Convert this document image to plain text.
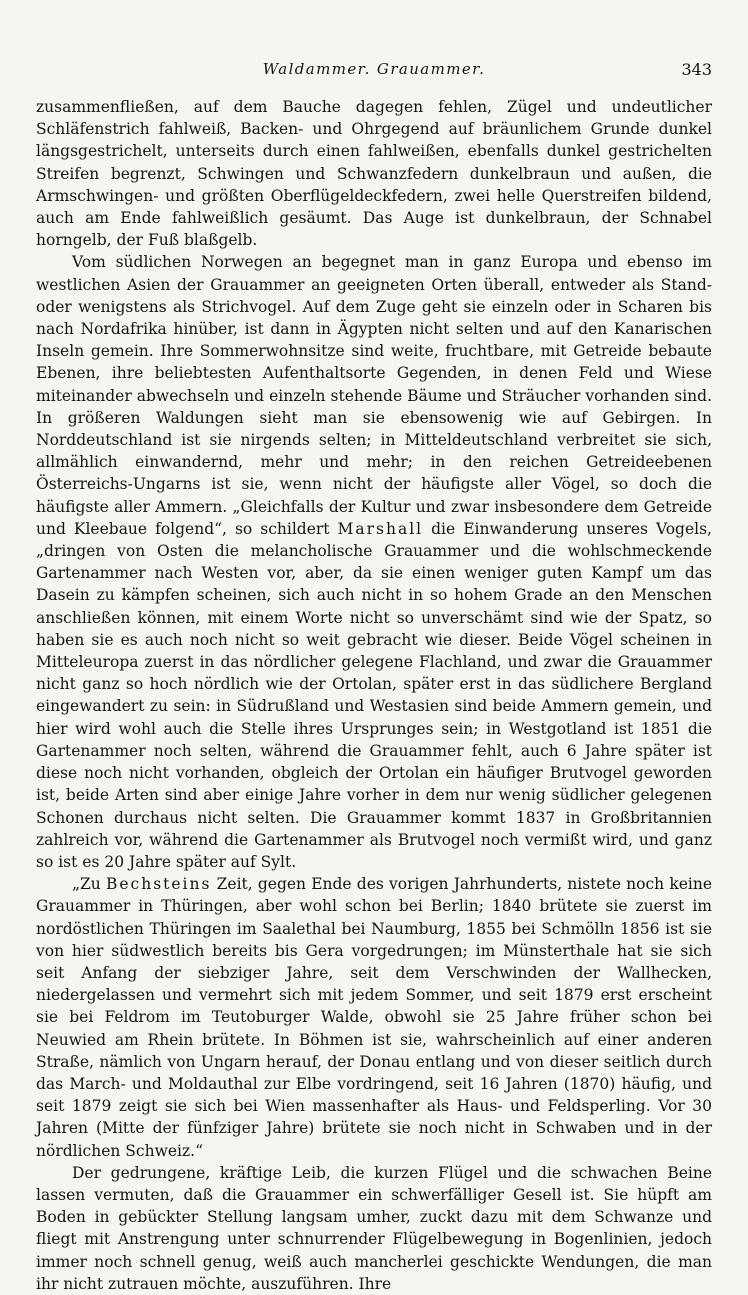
Waldammer. Grauammer.	343

zusammenfließen, auf dem Bauche dagegen fehlen, Zügel und undeutlicher Schläfenstrich fahlweiß, Backen- und Ohrgegend auf bräunlichem Grunde dunkel längsgestrichelt, unterseits durch einen fahlweißen, ebenfalls dunkel gestrichelten Streifen begrenzt, Schwingen und Schwanzfedern dunkelbraun und außen, die Armschwingen- und größten Oberflügeldeckfedern, zwei helle Querstreifen bildend, auch am Ende fahlweißlich gesäumt. Das Auge ist dunkelbraun, der Schnabel horngelb, der Fuß blaßgelb.

Vom südlichen Norwegen an begegnet man in ganz Europa und ebenso im westlichen Asien der Grauammer an geeigneten Orten überall, entweder als Stand- oder wenigstens als Strichvogel. Auf dem Zuge geht sie einzeln oder in Scharen bis nach Nordafrika hinüber, ist dann in Ägypten nicht selten und auf den Kanarischen Inseln gemein. Ihre Sommerwohnsitze sind weite, fruchtbare, mit Getreide bebaute Ebenen, ihre beliebtesten Aufenthaltsorte Gegenden, in denen Feld und Wiese miteinander abwechseln und einzeln stehende Bäume und Sträucher vorhanden sind. In größeren Waldungen sieht man sie ebensowenig wie auf Gebirgen. In Norddeutschland ist sie nirgends selten; in Mitteldeutschland verbreitet sie sich, allmählich einwandernd, mehr und mehr; in den reichen Getreideebenen Österreichs-Ungarns ist sie, wenn nicht der häufigste aller Vögel, so doch die häufigste aller Ammern. „Gleichfalls der Kultur und zwar insbesondere dem Getreide und Kleebaue folgend“, so schildert Marshall die Einwanderung unseres Vogels, „dringen von Osten die melancholische Grauammer und die wohlschmeckende Gartenammer nach Westen vor, aber, da sie einen weniger guten Kampf um das Dasein zu kämpfen scheinen, sich auch nicht in so hohem Grade an den Menschen anschließen können, mit einem Worte nicht so unverschämt sind wie der Spatz, so haben sie es auch noch nicht so weit gebracht wie dieser. Beide Vögel scheinen in Mitteleuropa zuerst in das nördlicher gelegene Flachland, und zwar die Grauammer nicht ganz so hoch nördlich wie der Ortolan, später erst in das südlichere Bergland eingewandert zu sein: in Südrußland und Westasien sind beide Ammern gemein, und hier wird wohl auch die Stelle ihres Ursprunges sein; in Westgotland ist 1851 die Gartenammer noch selten, während die Grauammer fehlt, auch 6 Jahre später ist diese noch nicht vorhanden, obgleich der Ortolan ein häufiger Brutvogel geworden ist, beide Arten sind aber einige Jahre vorher in dem nur wenig südlicher gelegenen Schonen durchaus nicht selten. Die Grauammer kommt 1837 in Großbritannien zahlreich vor, während die Gartenammer als Brutvogel noch vermißt wird, und ganz so ist es 20 Jahre später auf Sylt.

„Zu Bechsteins Zeit, gegen Ende des vorigen Jahrhunderts, nistete noch keine Grauammer in Thüringen, aber wohl schon bei Berlin; 1840 brütete sie zuerst im nordöstlichen Thüringen im Saalethal bei Naumburg, 1855 bei Schmölln 1856 ist sie von hier südwestlich bereits bis Gera vorgedrungen; im Münsterthale hat sie sich seit Anfang der siebziger Jahre, seit dem Verschwinden der Wallhecken, niedergelassen und vermehrt sich mit jedem Sommer, und seit 1879 erst erscheint sie bei Feldrom im Teutoburger Walde, obwohl sie 25 Jahre früher schon bei Neuwied am Rhein brütete. In Böhmen ist sie, wahrscheinlich auf einer anderen Straße, nämlich von Ungarn herauf, der Donau entlang und von dieser seitlich durch das March- und Moldauthal zur Elbe vordringend, seit 16 Jahren (1870) häufig, und seit 1879 zeigt sie sich bei Wien massenhafter als Haus- und Feldsperling. Vor 30 Jahren (Mitte der fünfziger Jahre) brütete sie noch nicht in Schwaben und in der nördlichen Schweiz.“

Der gedrungene, kräftige Leib, die kurzen Flügel und die schwachen Beine lassen vermuten, daß die Grauammer ein schwerfälliger Gesell ist. Sie hüpft am Boden in gebückter Stellung langsam umher, zuckt dazu mit dem Schwanze und fliegt mit Anstrengung unter schnurrender Flügelbewegung in Bogenlinien, jedoch immer noch schnell genug, weiß auch mancherlei geschickte Wendungen, die man ihr nicht zutrauen möchte, auszuführen. Ihre
